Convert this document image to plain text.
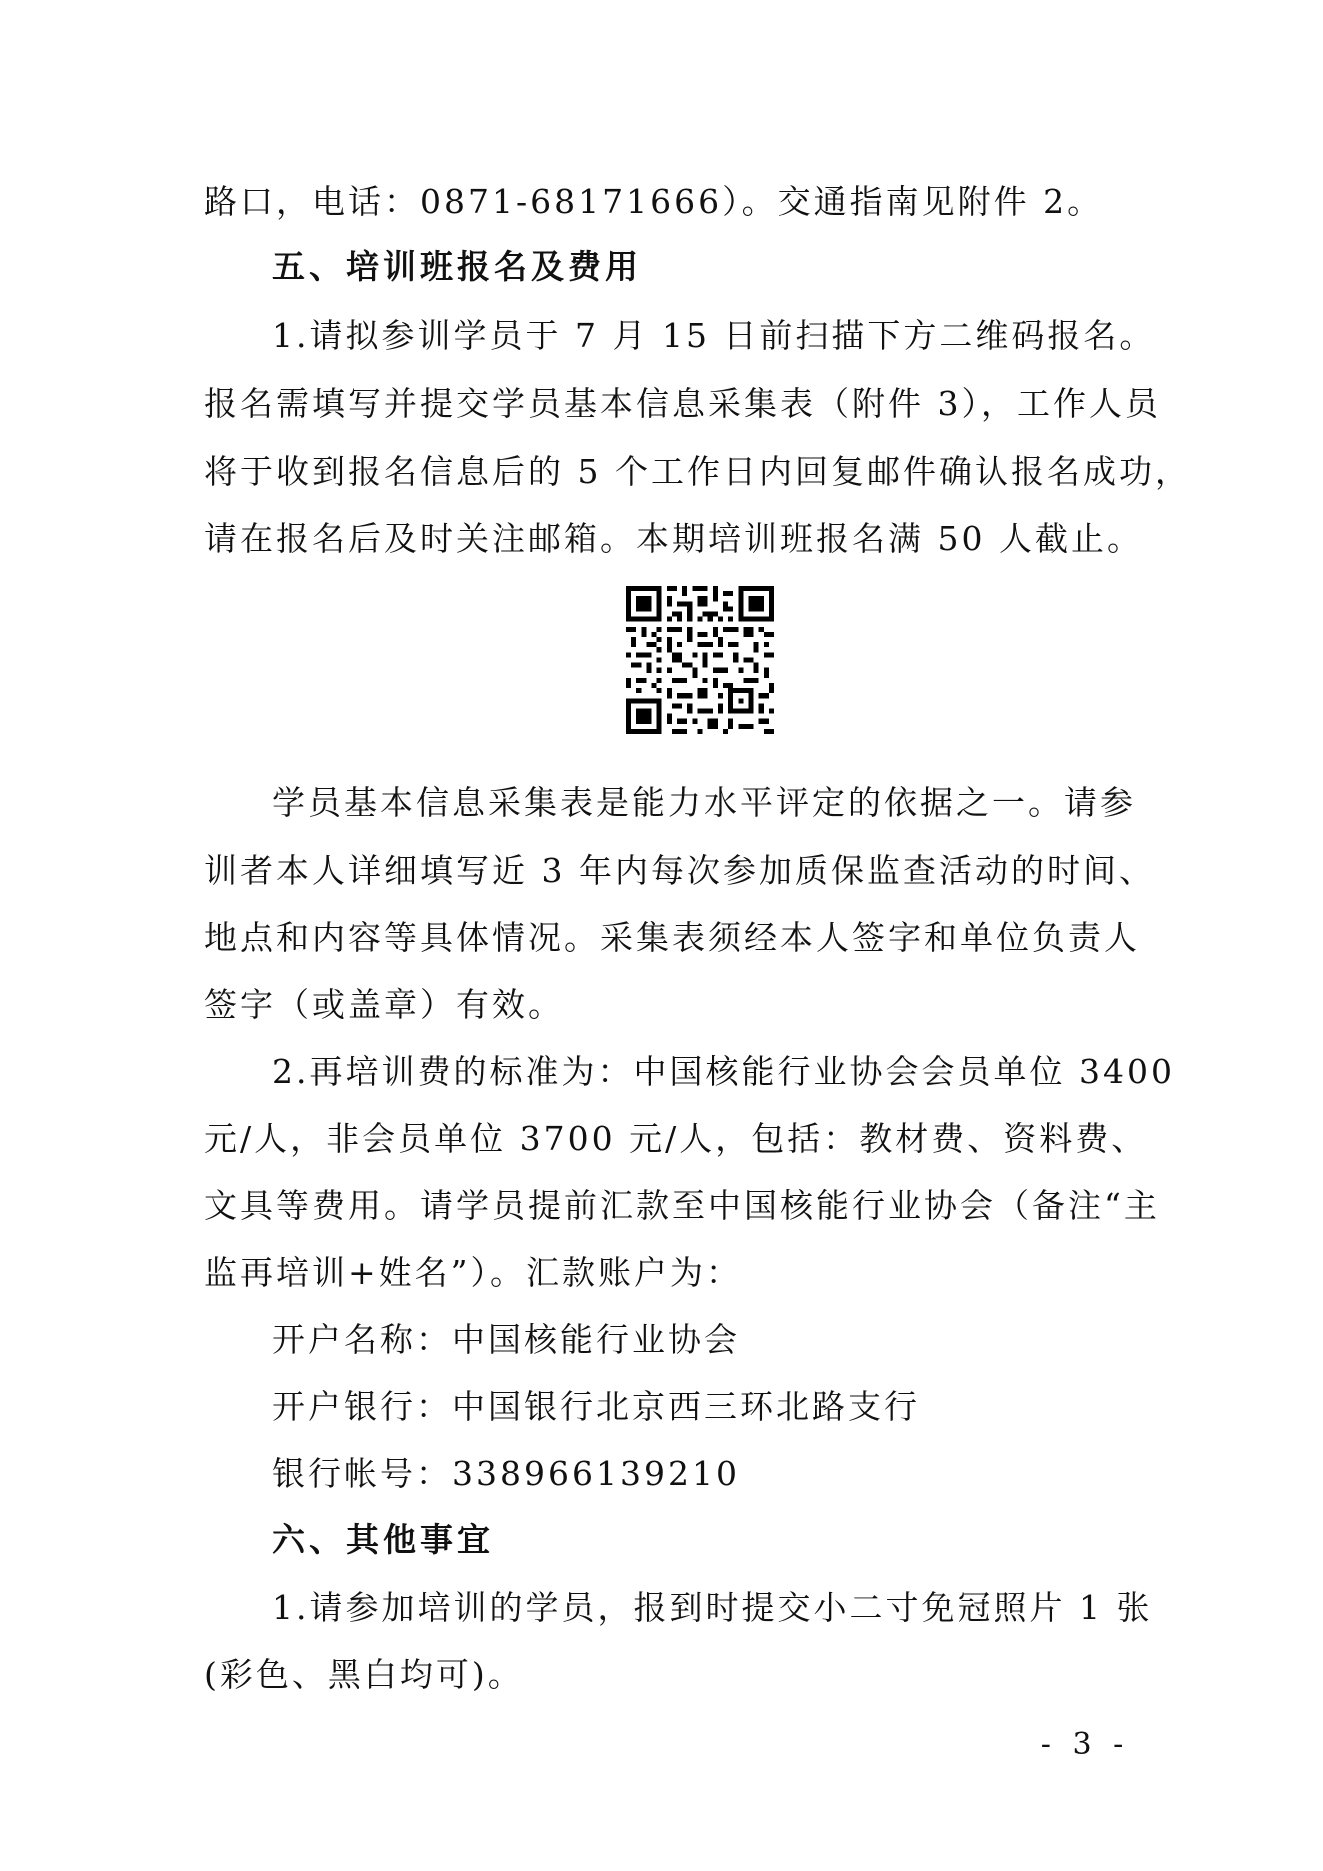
路口，电话：0871-68171666）。交通指南见附件 2。
五、培训班报名及费用
1.请拟参训学员于 7 月 15 日前扫描下方二维码报名。
报名需填写并提交学员基本信息采集表（附件 3），工作人员
将于收到报名信息后的 5 个工作日内回复邮件确认报名成功，
请在报名后及时关注邮箱。本期培训班报名满 50 人截止。
学员基本信息采集表是能力水平评定的依据之一。请参
训者本人详细填写近 3 年内每次参加质保监查活动的时间、
地点和内容等具体情况。采集表须经本人签字和单位负责人
签字（或盖章）有效。
2.再培训费的标准为：中国核能行业协会会员单位 3400
元/人，非会员单位 3700 元/人，包括：教材费、资料费、
文具等费用。请学员提前汇款至中国核能行业协会（备注“主
监再培训+姓名”）。汇款账户为：
开户名称：中国核能行业协会
开户银行：中国银行北京西三环北路支行
银行帐号：338966139210
六、其他事宜
1.请参加培训的学员，报到时提交小二寸免冠照片 1 张
(彩色、黑白均可)。
- 3 -
